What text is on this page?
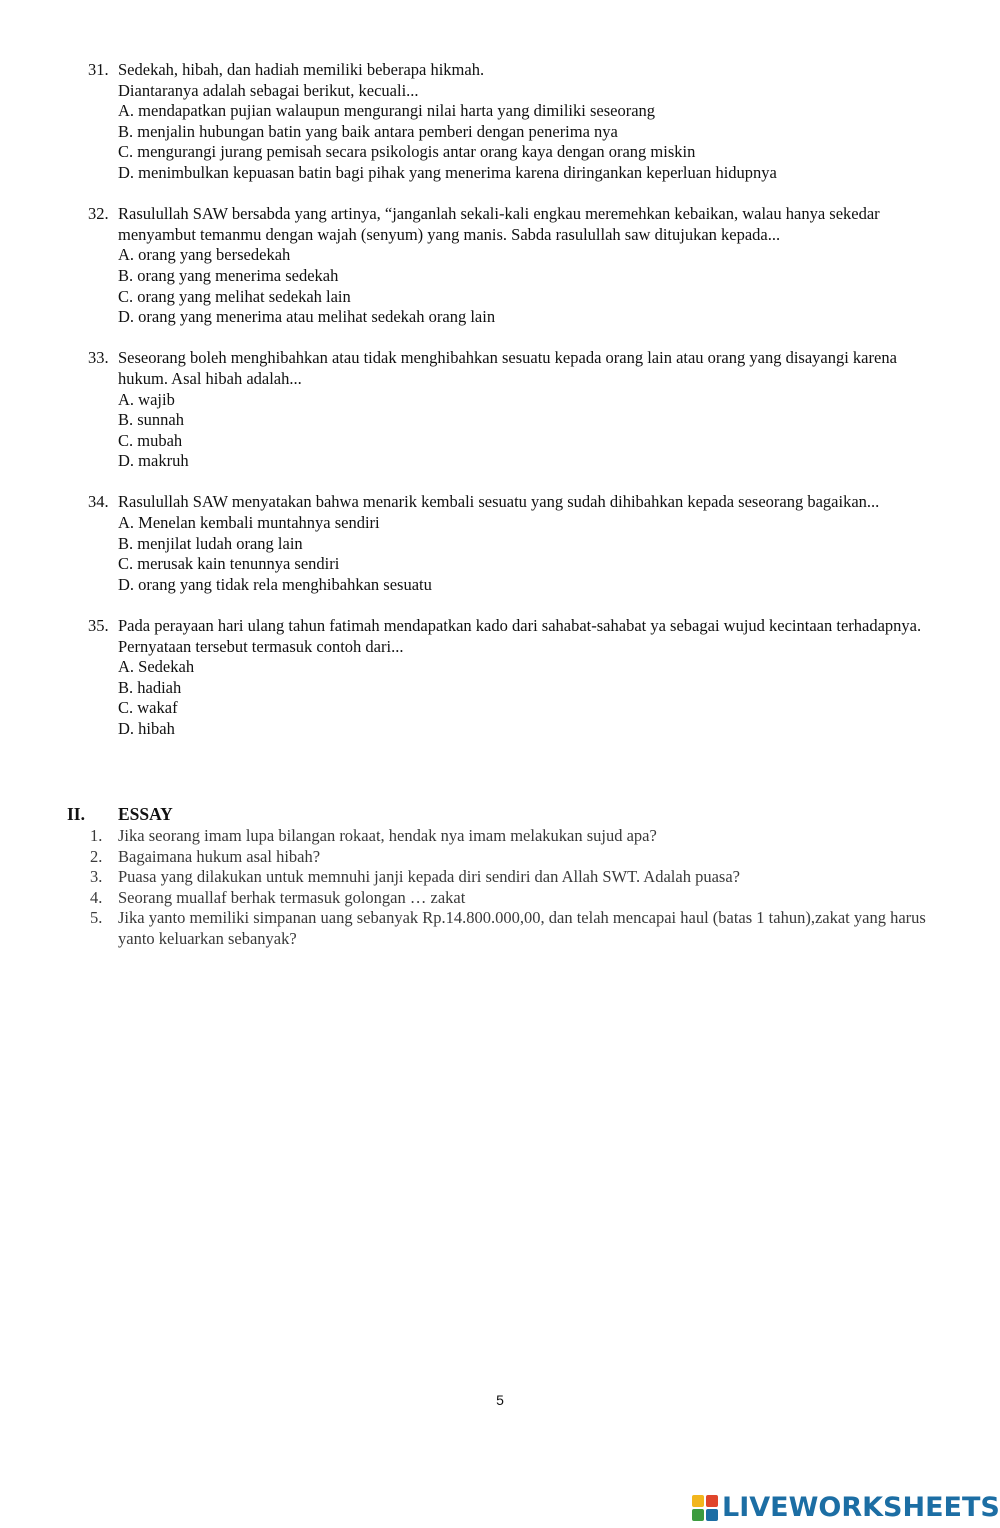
31. Sedekah, hibah, dan hadiah memiliki beberapa hikmah.

Diantaranya adalah sebagai berikut, kecuali...

A. mendapatkan pujian walaupun mengurangi nilai harta yang dimiliki seseorang

B. menjalin hubungan batin yang baik antara pemberi dengan penerima nya

C. mengurangi jurang pemisah secara psikologis antar orang kaya dengan orang miskin

D. menimbulkan kepuasan batin bagi pihak yang menerima karena diringankan keperluan hidupnya

32. Rasulullah SAW bersabda yang artinya, “janganlah sekali-kali engkau meremehkan kebaikan, walau hanya sekedar menyambut temanmu dengan wajah (senyum) yang manis. Sabda rasulullah saw ditujukan kepada...

A. orang yang bersedekah

B. orang yang menerima sedekah

C. orang yang melihat sedekah lain

D. orang yang menerima atau melihat sedekah orang lain

33. Seseorang boleh menghibahkan atau tidak menghibahkan sesuatu kepada orang lain atau orang yang disayangi karena hukum. Asal hibah adalah...

A. wajib

B. sunnah

C. mubah

D. makruh

34. Rasulullah SAW menyatakan bahwa menarik kembali sesuatu yang sudah dihibahkan kepada seseorang bagaikan...

A. Menelan kembali muntahnya sendiri

B. menjilat ludah orang lain

C. merusak kain tenunnya sendiri

D. orang yang tidak rela menghibahkan sesuatu

35. Pada perayaan hari ulang tahun fatimah mendapatkan kado dari sahabat-sahabat ya sebagai wujud kecintaan terhadapnya.

Pernyataan tersebut termasuk contoh dari...

A. Sedekah

B. hadiah

C. wakaf

D. hibah

II. ESSAY
1. Jika seorang imam lupa bilangan rokaat, hendak nya imam melakukan sujud apa?
2. Bagaimana hukum asal hibah?
3. Puasa yang dilakukan untuk memnuhi janji kepada diri sendiri dan Allah SWT. Adalah puasa?
4. Seorang muallaf berhak termasuk golongan … zakat
5. Jika yanto memiliki simpanan uang sebanyak Rp.14.800.000,00, dan telah mencapai haul (batas 1 tahun),zakat yang harus yanto keluarkan sebanyak?
5
LIVEWORKSHEETS
